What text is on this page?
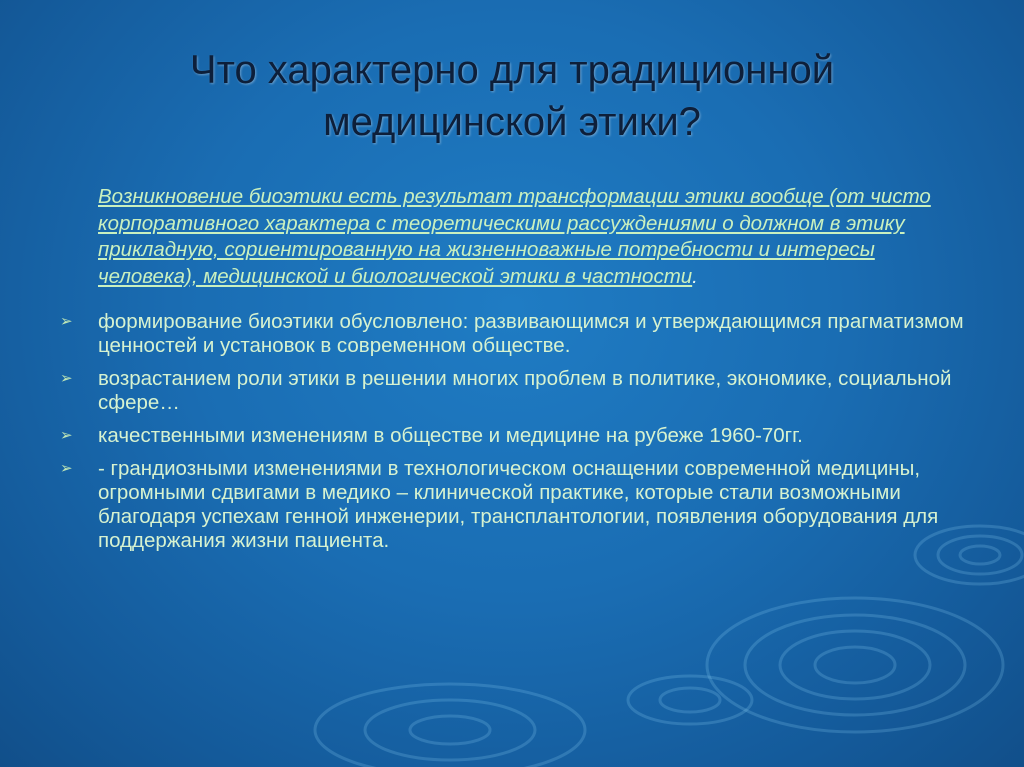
Что характерно для традиционной
медицинской этики?
Возникновение биоэтики есть результат трансформации этики вообще (от чисто корпоративного характера с теоретическими рассуждениями о должном в этику прикладную, сориентированную на жизненноважные потребности и интересы человека), медицинской и биологической этики в частности.
➢ формирование биоэтики обусловлено: развивающимся и утверждающимся прагматизмом ценностей и установок в современном обществе.
➢ возрастанием роли этики в решении многих проблем в политике, экономике, социальной сфере…
➢ качественными изменениям в обществе и медицине на рубеже 1960-70гг.
➢ - грандиозными изменениями в технологическом оснащении современной медицины, огромными сдвигами в медико – клинической практике, которые стали возможными благодаря успехам генной инженерии, трансплантологии, появления оборудования для поддержания жизни пациента.
